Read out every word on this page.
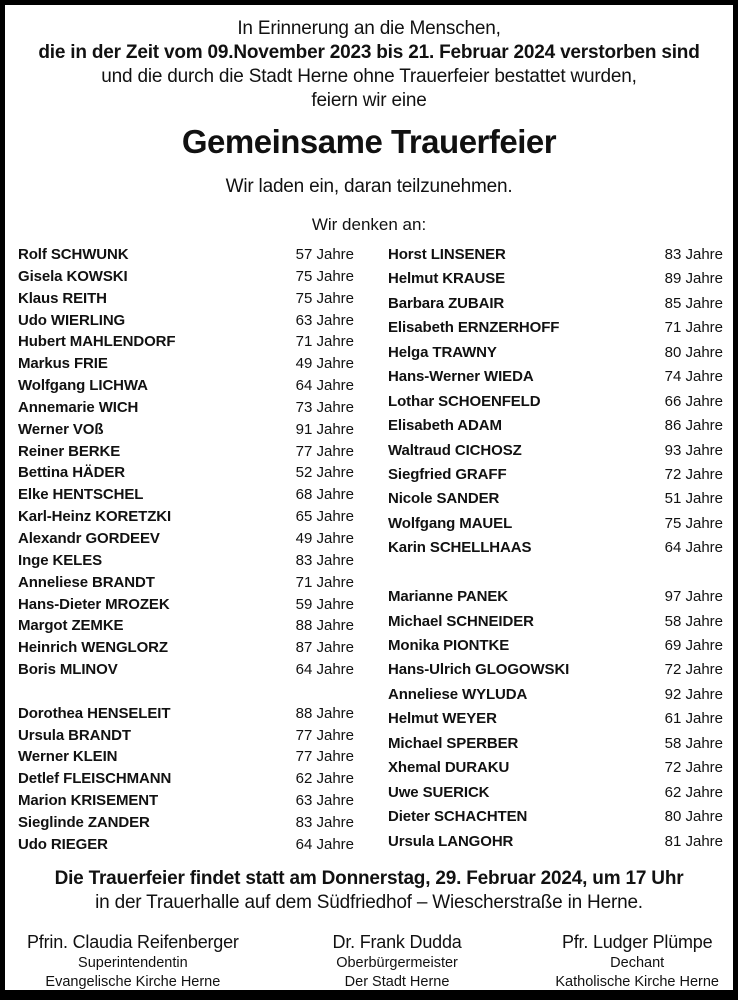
In Erinnerung an die Menschen,
die in der Zeit vom 09.November 2023 bis 21. Februar 2024 verstorben sind
und die durch die Stadt Herne ohne Trauerfeier bestattet wurden,
feiern wir eine
Gemeinsame Trauerfeier
Wir laden ein, daran teilzunehmen.
Wir denken an:
Rolf SCHWUNK	57 Jahre
Gisela KOWSKI	75 Jahre
Klaus REITH	75 Jahre
Udo WIERLING	63 Jahre
Hubert MAHLENDORF	71 Jahre
Markus FRIE	49 Jahre
Wolfgang LICHWA	64 Jahre
Annemarie WICH	73 Jahre
Werner VOß	91 Jahre
Reiner BERKE	77 Jahre
Bettina HÄDER	52 Jahre
Elke HENTSCHEL	68 Jahre
Karl-Heinz KORETZKI	65 Jahre
Alexandr GORDEEV	49 Jahre
Inge KELES	83 Jahre
Anneliese BRANDT	71 Jahre
Hans-Dieter MROZEK	59 Jahre
Margot ZEMKE	88 Jahre
Heinrich WENGLORZ	87 Jahre
Boris MLINOV	64 Jahre
Dorothea HENSELEIT	88 Jahre
Ursula BRANDT	77 Jahre
Werner KLEIN	77 Jahre
Detlef FLEISCHMANN	62 Jahre
Marion KRISEMENT	63 Jahre
Sieglinde ZANDER	83 Jahre
Udo RIEGER	64 Jahre
Horst LINSENER	83 Jahre
Helmut KRAUSE	89 Jahre
Barbara ZUBAIR	85 Jahre
Elisabeth ERNZERHOFF	71 Jahre
Helga TRAWNY	80 Jahre
Hans-Werner WIEDA	74 Jahre
Lothar SCHOENFELD	66 Jahre
Elisabeth ADAM	86 Jahre
Waltraud CICHOSZ	93 Jahre
Siegfried GRAFF	72 Jahre
Nicole SANDER	51 Jahre
Wolfgang MAUEL	75 Jahre
Karin SCHELLHAAS	64 Jahre
Marianne PANEK	97 Jahre
Michael SCHNEIDER	58 Jahre
Monika PIONTKE	69 Jahre
Hans-Ulrich GLOGOWSKI	72 Jahre
Anneliese WYLUDA	92 Jahre
Helmut WEYER	61 Jahre
Michael SPERBER	58 Jahre
Xhemal DURAKU	72 Jahre
Uwe SUERICK	62 Jahre
Dieter SCHACHTEN	80 Jahre
Ursula LANGOHR	81 Jahre
Die Trauerfeier findet statt am Donnerstag, 29. Februar 2024, um 17 Uhr
in der Trauerhalle auf dem Südfriedhof – Wiescherstraße in Herne.
Pfrin. Claudia Reifenberger
Superintendentin
Evangelische Kirche Herne
Dr. Frank Dudda
Oberbürgermeister
Der Stadt Herne
Pfr. Ludger Plümpe
Dechant
Katholische Kirche Herne
